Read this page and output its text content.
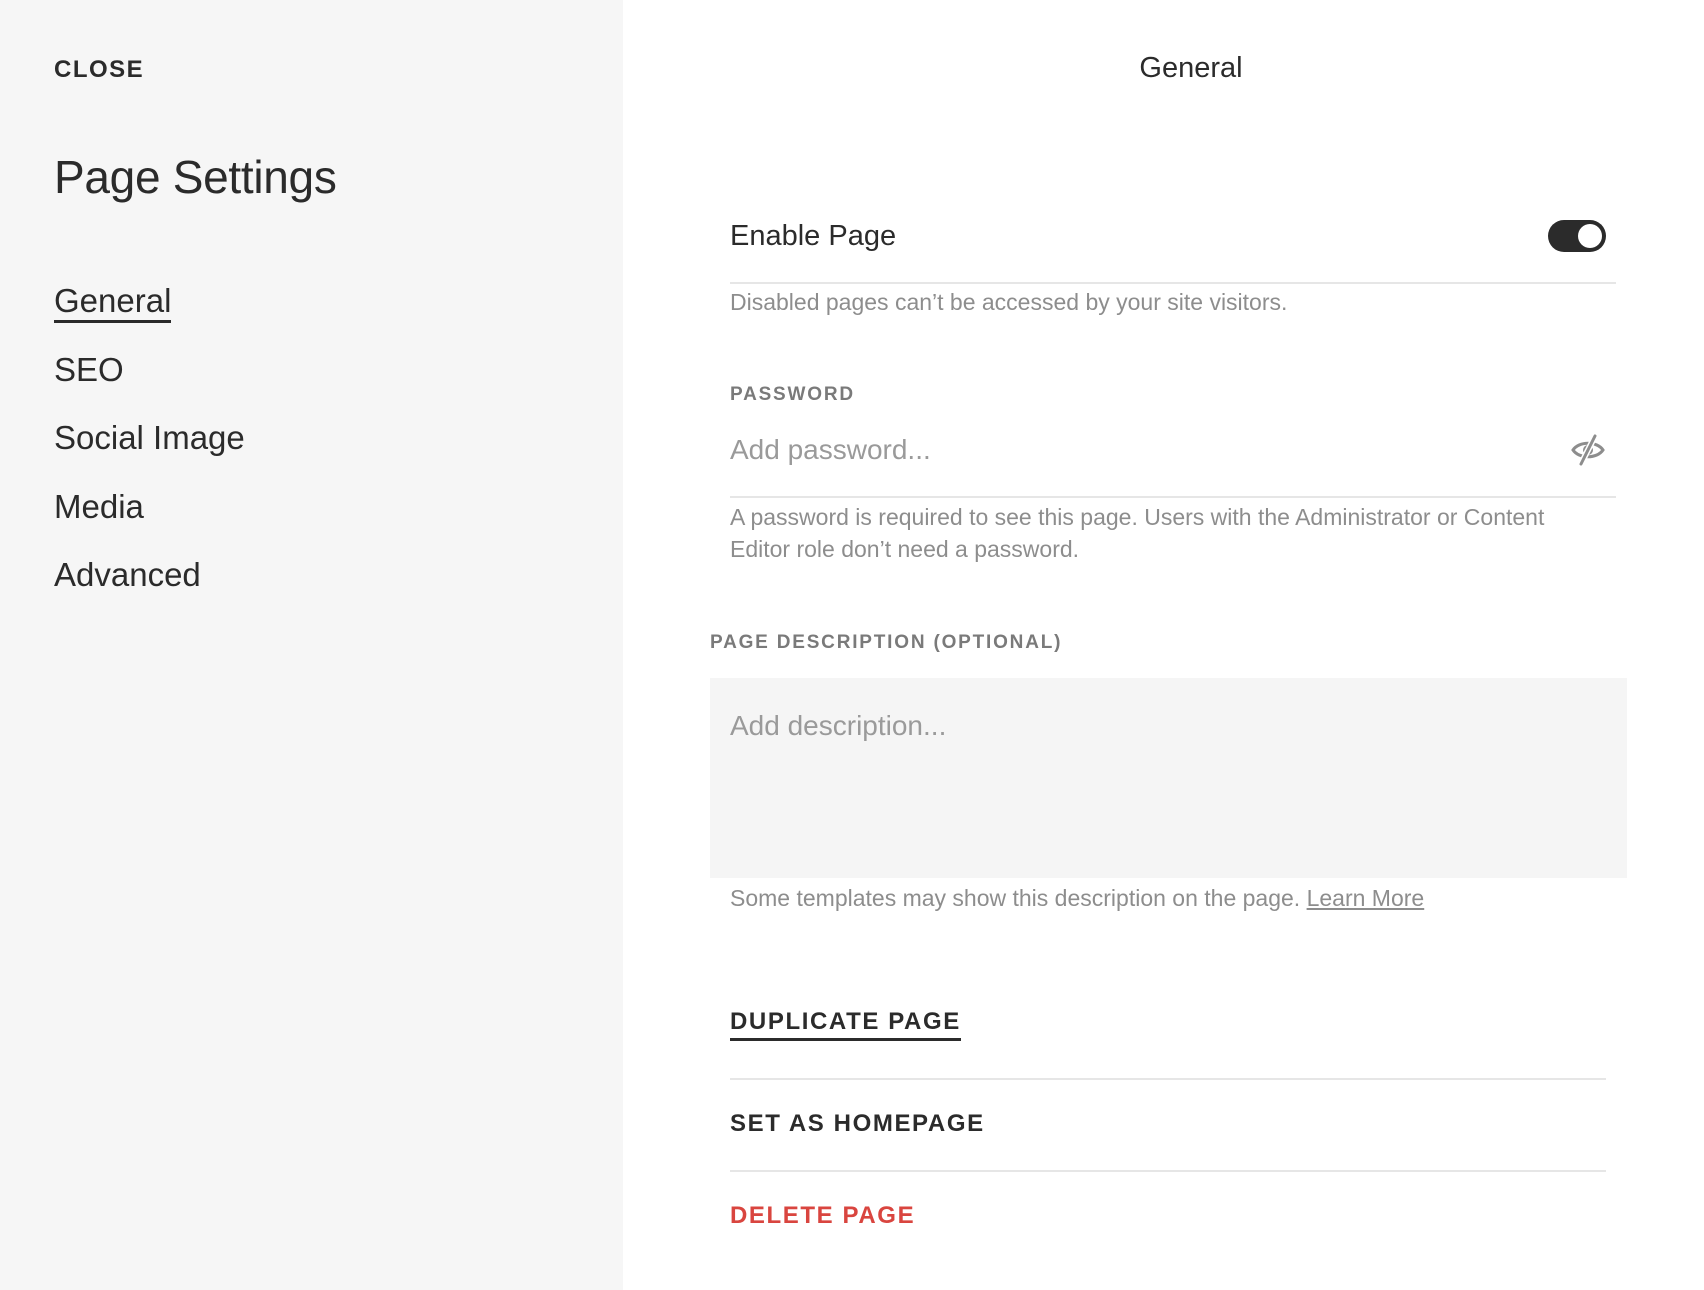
CLOSE
Page Settings
General
SEO
Social Image
Media
Advanced
General
Enable Page
Disabled pages can’t be accessed by your site visitors.
PASSWORD
A password is required to see this page. Users with the Administrator or Content Editor role don’t need a password.
PAGE DESCRIPTION (OPTIONAL)
Add description...
Some templates may show this description on the page. Learn More
DUPLICATE PAGE
SET AS HOMEPAGE
DELETE PAGE
